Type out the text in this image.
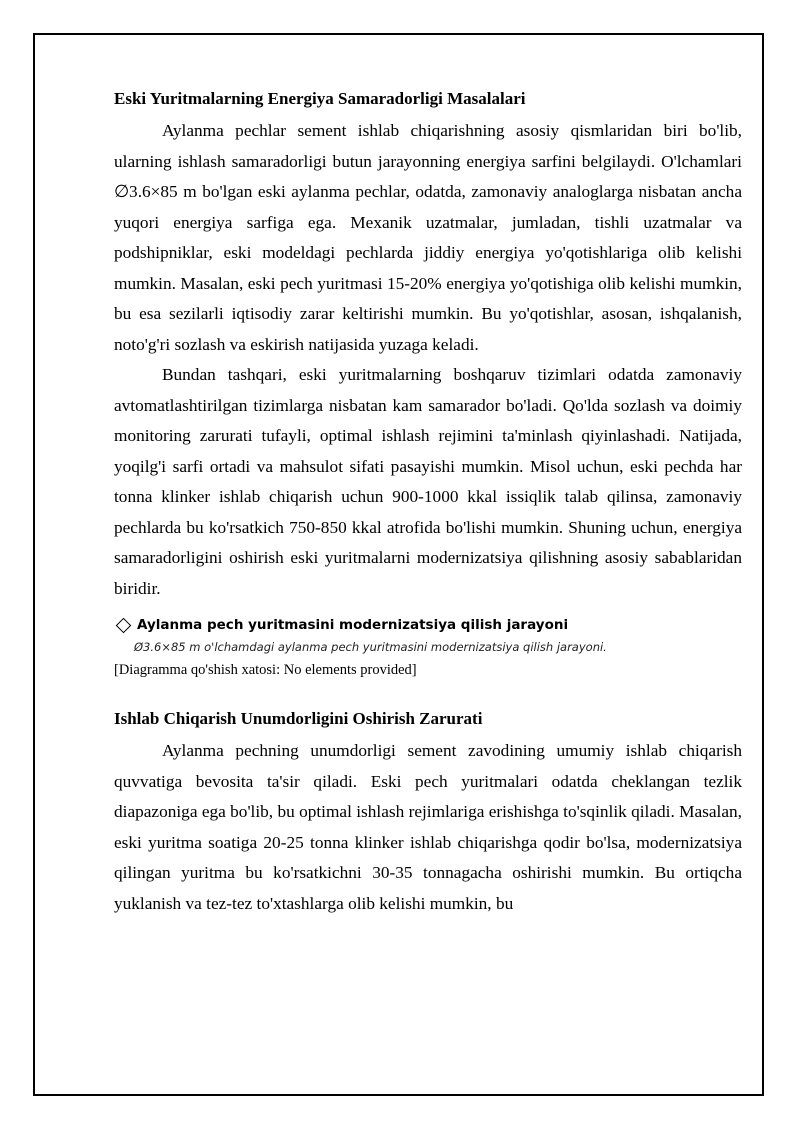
Eski Yuritmalarning Energiya Samaradorligi Masalalari

Aylanma pechlar sement ishlab chiqarishning asosiy qismlaridan biri bo'lib, ularning ishlash samaradorligi butun jarayonning energiya sarfini belgilaydi. O'lchamlari ∅3.6×85 m bo'lgan eski aylanma pechlar, odatda, zamonaviy analoglarga nisbatan ancha yuqori energiya sarfiga ega. Mexanik uzatmalar, jumladan, tishli uzatmalar va podshipniklar, eski modeldagi pechlarda jiddiy energiya yo'qotishlariga olib kelishi mumkin. Masalan, eski pech yuritmasi 15-20% energiya yo'qotishiga olib kelishi mumkin, bu esa sezilarli iqtisodiy zarar keltirishi mumkin. Bu yo'qotishlar, asosan, ishqalanish, noto'g'ri sozlash va eskirish natijasida yuzaga keladi.

Bundan tashqari, eski yuritmalarning boshqaruv tizimlari odatda zamonaviy avtomatlashtirilgan tizimlarga nisbatan kam samarador bo'ladi. Qo'lda sozlash va doimiy monitoring zarurati tufayli, optimal ishlash rejimini ta'minlash qiyinlashadi. Natijada, yoqilg'i sarfi ortadi va mahsulot sifati pasayishi mumkin. Misol uchun, eski pechda har tonna klinker ishlab chiqarish uchun 900-1000 kkal issiqlik talab qilinsa, zamonaviy pechlarda bu ko'rsatkich 750-850 kkal atrofida bo'lishi mumkin. Shuning uchun, energiya samaradorligini oshirish eski yuritmalarni modernizatsiya qilishning asosiy sabablaridan biridir.

Aylanma pech yuritmasini modernizatsiya qilish jarayoni
Ø3.6×85 m o'lchamdagi aylanma pech yuritmasini modernizatsiya qilish jarayoni.
[Diagramma qo'shish xatosi: No elements provided]
Ishlab Chiqarish Unumdorligini Oshirish Zarurati

Aylanma pechning unumdorligi sement zavodining umumiy ishlab chiqarish quvvatiga bevosita ta'sir qiladi. Eski pech yuritmalari odatda cheklangan tezlik diapazoniga ega bo'lib, bu optimal ishlash rejimlariga erishishga to'sqinlik qiladi. Masalan, eski yuritma soatiga 20-25 tonna klinker ishlab chiqarishga qodir bo'lsa, modernizatsiya qilingan yuritma bu ko'rsatkichni 30-35 tonnagacha oshirishi mumkin. Bu ortiqcha yuklanish va tez-tez to'xtashlarga olib kelishi mumkin, bu
